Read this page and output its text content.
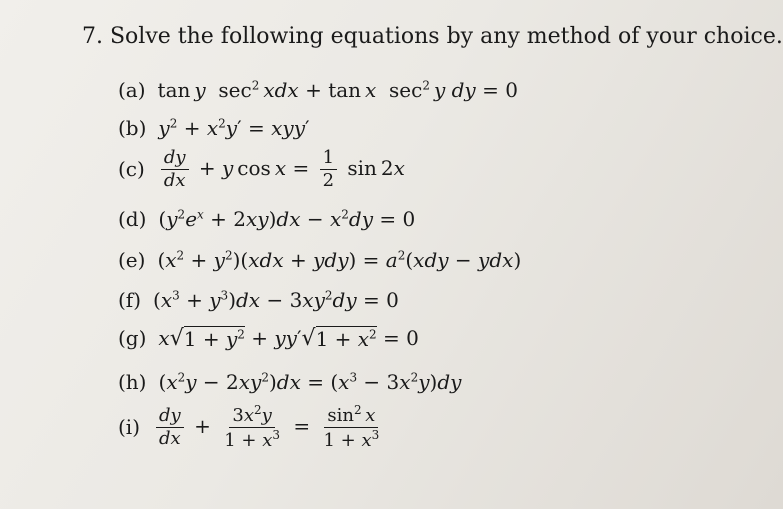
7. Solve the following equations by any method of your choice.
(a) tan y  $\sec^2$  xdx + tan x  $\sec^2 y$ dy = 0
(b) $y^2 + x^2y' = xyy'$
$(c) \frac{dy}{dx} + y$ $\cos x = \frac{1}{2}$ sin 2x
(d) $(y^2e^x + 2xy)dx - x^2dy = 0$
(e) $(x^2 + y^2)(xdx + ydy) = a^2(xdy - ydx)$
(f) $(x^3 + y^3)dx - 3xy^2dy = 0$
(g) x √ $1 + y^2 + yy'$ √ $1 + x^2 = 0$
(h) $(x^2y - 2xy^2)dx = (x^3 - 3x^2y)dy$
$(i) \frac{dy}{dx} + \frac{3x^2y}{1 + x^3} = \frac{\sin^2 x}{1 + x^3}$
